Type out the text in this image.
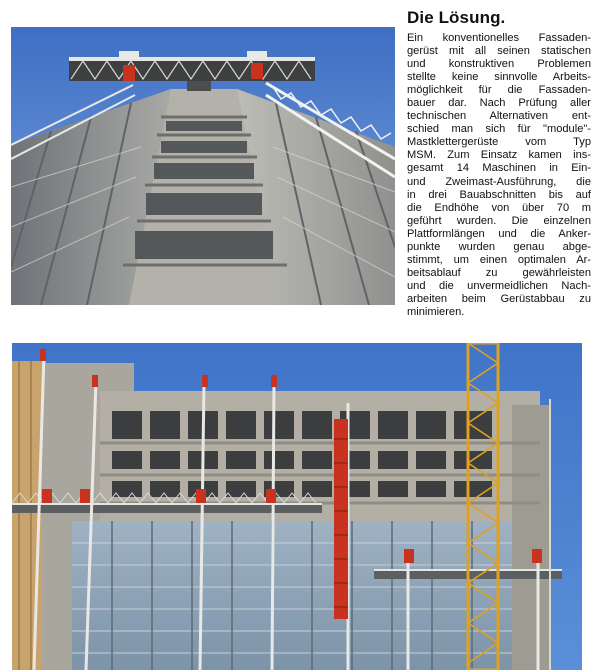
Die Lösung.
Ein konventionelles Fassaden-
gerüst mit all seinen statischen
und konstruktiven Problemen
stellte keine sinnvolle Arbeits-
möglichkeit für die Fassaden-
bauer dar. Nach Prüfung aller
technischen Alternativen ent-
schied man sich für "module"-
Mastklettergerüste vom Typ
MSM. Zum Einsatz kamen ins-
gesamt 14 Maschinen in Ein-
und Zweimast-Ausführung, die
in drei Bauabschnitten bis auf
die Endhöhe von über 70 m
geführt wurden. Die einzelnen
Plattformlängen und die Anker-
punkte wurden genau abge-
stimmt, um einen optimalen Ar-
beitsablauf zu gewährleisten
und die unvermeidlichen Nach-
arbeiten beim Gerüstabbau zu
minimieren.
